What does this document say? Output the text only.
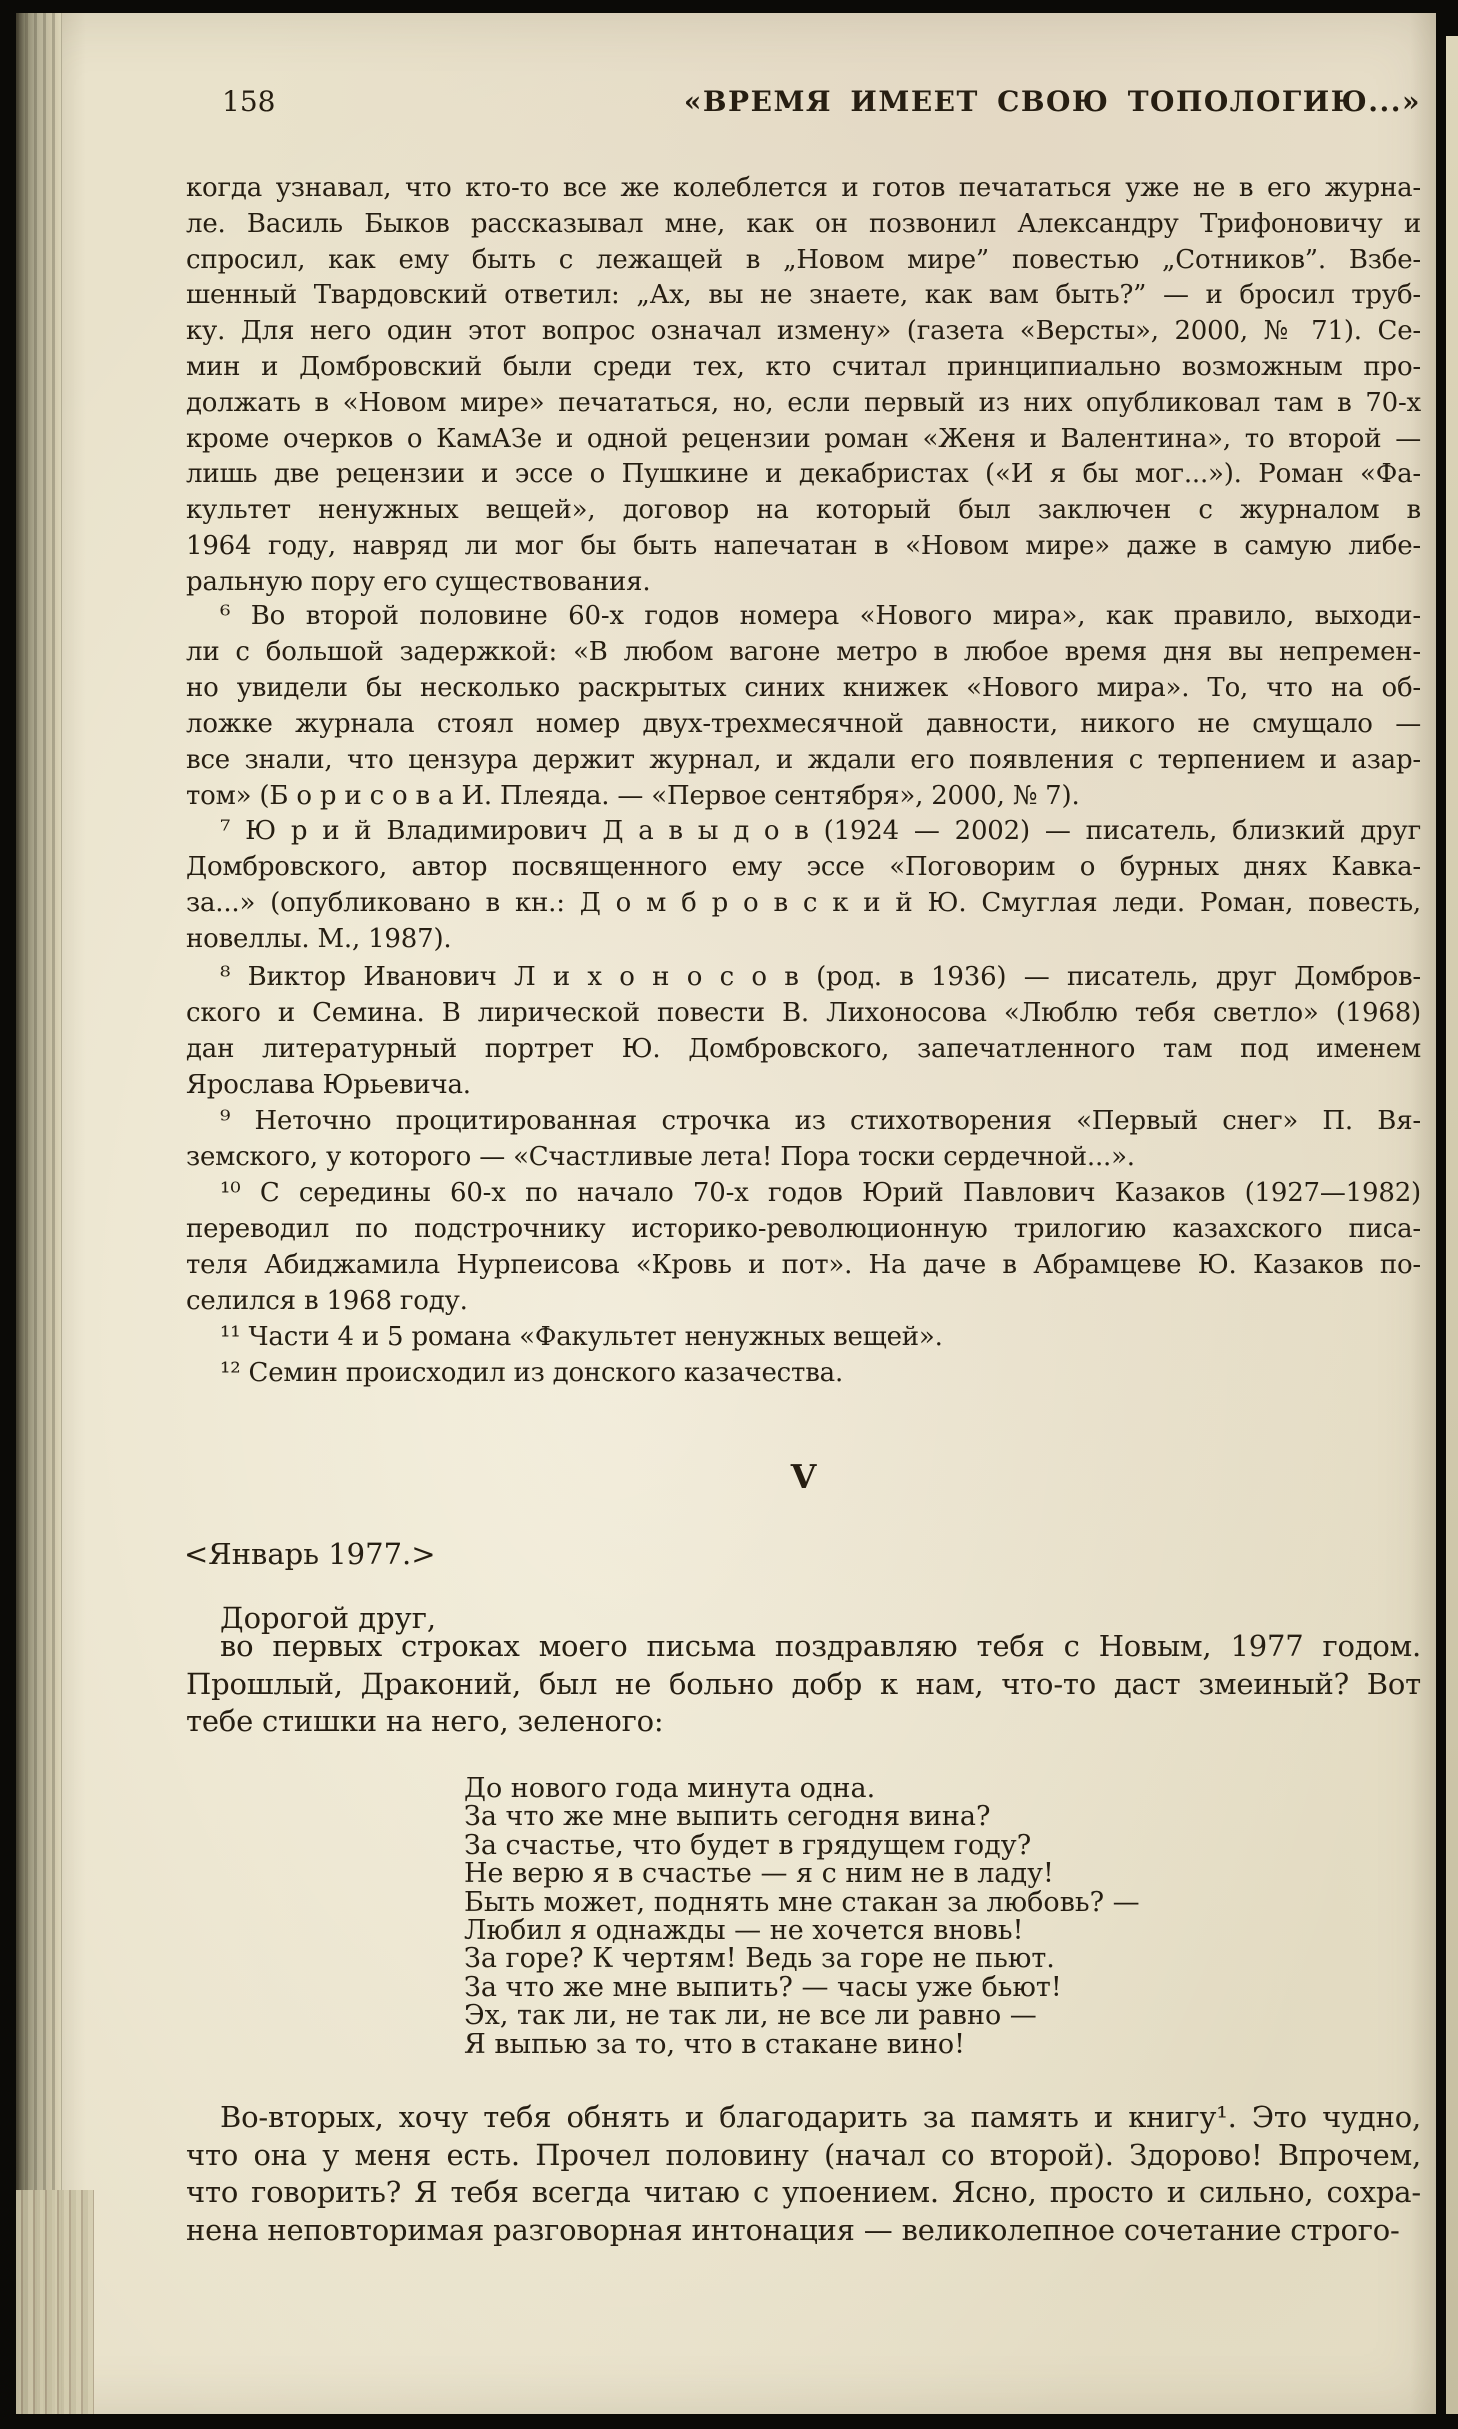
158	«ВРЕМЯ ИМЕЕТ СВОЮ ТОПОЛОГИЮ...»
когда узнавал, что кто-то все же колеблется и готов печататься уже не в его журна-
ле. Василь Быков рассказывал мне, как он позвонил Александру Трифоновичу и
спросил, как ему быть с лежащей в „Новом мире” повестью „Сотников”. Взбе-
шенный Твардовский ответил: „Ах, вы не знаете, как вам быть?” — и бросил труб-
ку. Для него один этот вопрос означал измену» (газета «Версты», 2000, № 71). Се-
мин и Домбровский были среди тех, кто считал принципиально возможным про-
должать в «Новом мире» печататься, но, если первый из них опубликовал там в 70-х
кроме очерков о КамАЗе и одной рецензии роман «Женя и Валентина», то второй —
лишь две рецензии и эссе о Пушкине и декабристах («И я бы мог...»). Роман «Фа-
культет ненужных вещей», договор на который был заключен с журналом в
1964 году, навряд ли мог бы быть напечатан в «Новом мире» даже в самую либе-
ральную пору его существования.
⁶ Во второй половине 60-х годов номера «Нового мира», как правило, выходи-
ли с большой задержкой: «В любом вагоне метро в любое время дня вы непремен-
но увидели бы несколько раскрытых синих книжек «Нового мира». То, что на об-
ложке журнала стоял номер двух-трехмесячной давности, никого не смущало —
все знали, что цензура держит журнал, и ждали его появления с терпением и азар-
том» (Б о р и с о в а И. Плеяда. — «Первое сентября», 2000, № 7).
⁷ Ю р и й Владимирович Д а в ы д о в (1924 — 2002) — писатель, близкий друг
Домбровского, автор посвященного ему эссе «Поговорим о бурных днях Кавка-
за...» (опубликовано в кн.: Д о м б р о в с к и й Ю. Смуглая леди. Роман, повесть,
новеллы. М., 1987).
⁸ Виктор Иванович Л и х о н о с о в (род. в 1936) — писатель, друг Домбров-
ского и Семина. В лирической повести В. Лихоносова «Люблю тебя светло» (1968)
дан литературный портрет Ю. Домбровского, запечатленного там под именем
Ярослава Юрьевича.
⁹ Неточно процитированная строчка из стихотворения «Первый снег» П. Вя-
земского, у которого — «Счастливые лета! Пора тоски сердечной...».
¹⁰ С середины 60-х по начало 70-х годов Юрий Павлович Казаков (1927—1982)
переводил по подстрочнику историко-революционную трилогию казахского писа-
теля Абиджамила Нурпеисова «Кровь и пот». На даче в Абрамцеве Ю. Казаков по-
селился в 1968 году.
¹¹ Части 4 и 5 романа «Факультет ненужных вещей».
¹² Семин происходил из донского казачества.
V
<Январь 1977.>
Дорогой друг,
во первых строках моего письма поздравляю тебя с Новым, 1977 годом.
Прошлый, Драконий, был не больно добр к нам, что-то даст змеиный? Вот
тебе стишки на него, зеленого:
До нового года минута одна.
За что же мне выпить сегодня вина?
За счастье, что будет в грядущем году?
Не верю я в счастье — я с ним не в ладу!
Быть может, поднять мне стакан за любовь? —
Любил я однажды — не хочется вновь!
За горе? К чертям! Ведь за горе не пьют.
За что же мне выпить? — часы уже бьют!
Эх, так ли, не так ли, не все ли равно —
Я выпью за то, что в стакане вино!
Во-вторых, хочу тебя обнять и благодарить за память и книгу¹. Это чудно,
что она у меня есть. Прочел половину (начал со второй). Здорово! Впрочем,
что говорить? Я тебя всегда читаю с упоением. Ясно, просто и сильно, сохра-
нена неповторимая разговорная интонация — великолепное сочетание строго-
